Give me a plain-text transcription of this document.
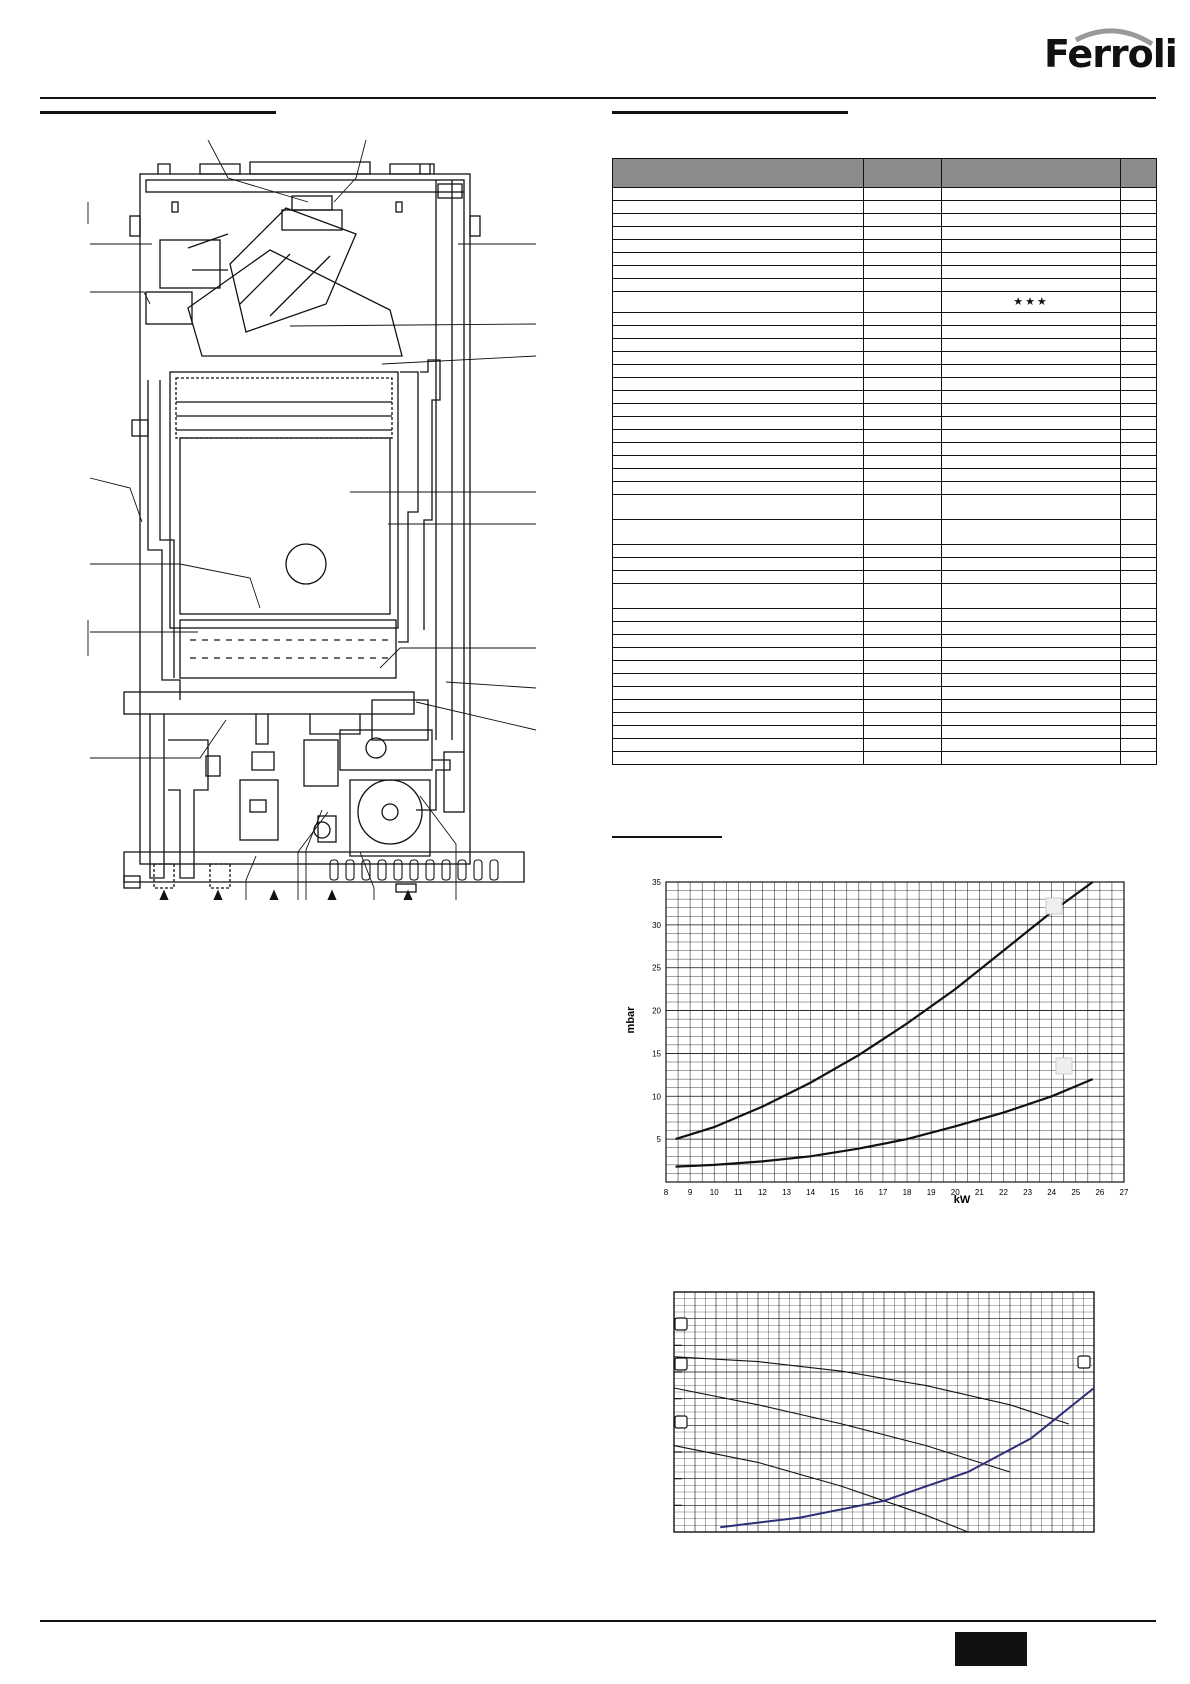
Ferroli

		★★★	

8 9 10 11 12 13 14 15 16 17 18 19 20 21 22 23 24 25 26 27
5
10
15
20
25
30
35
kW
mbar
